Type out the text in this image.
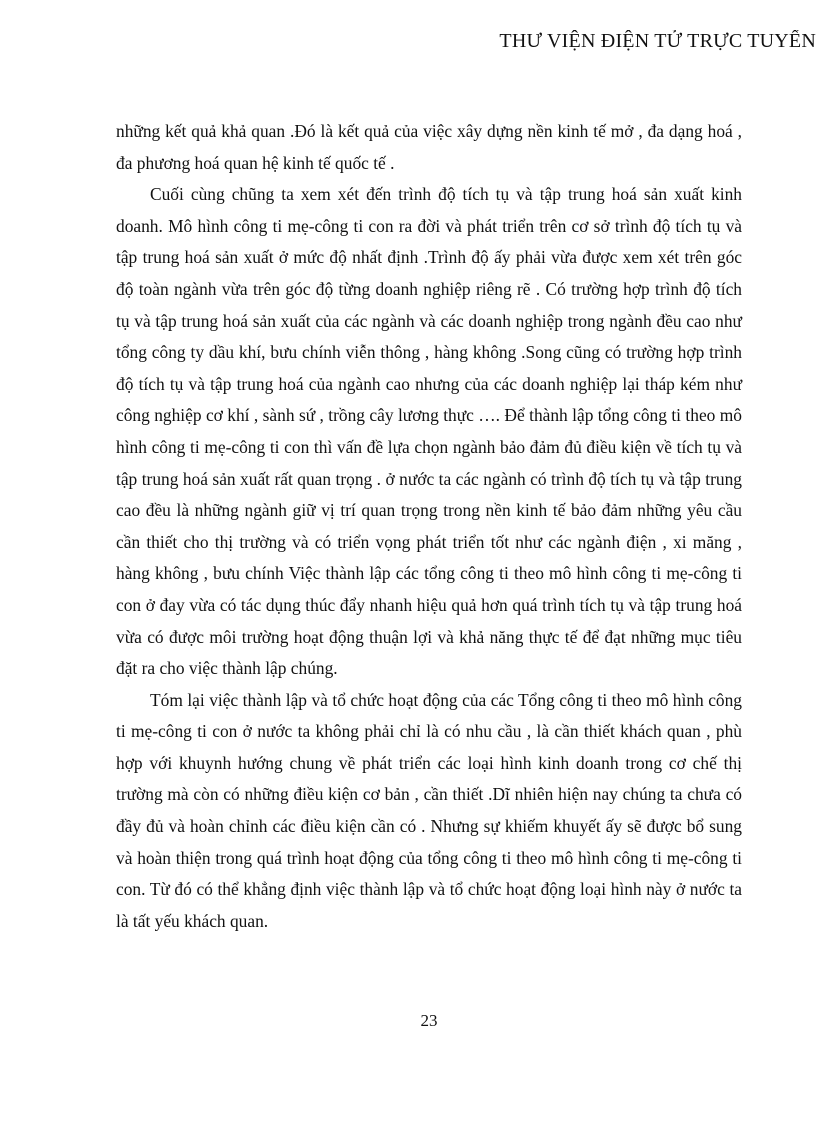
THƯ VIỆN ĐIỆN TỬ TRỰC TUYẾN

những kết quả khả quan .Đó là kết quả của việc xây dựng nền kinh tế mở , đa dạng hoá , đa phương hoá quan hệ kinh tế quốc tế .

Cuối cùng chũng ta xem xét đến trình độ tích tụ và tập trung hoá sản xuất kinh doanh. Mô hình công ti mẹ-công ti con ra đời và phát triển trên cơ sở trình độ tích tụ và tập trung hoá sản xuất ở mức độ nhất định .Trình độ ấy phải vừa được xem xét trên góc độ toàn ngành vừa trên góc độ từng doanh nghiệp riêng rẽ . Có trường hợp trình độ tích tụ và tập trung hoá sản xuất của các ngành và các doanh nghiệp trong ngành đều cao như tổng công ty dầu khí, bưu chính viễn thông , hàng không .Song cũng có trường hợp trình độ tích tụ và tập trung hoá của ngành cao nhưng của các doanh nghiệp lại tháp kém như công nghiệp cơ khí , sành sứ , trồng cây lương thực …. Để thành lập tổng công ti theo mô hình công ti mẹ-công ti con thì vấn đề lựa chọn ngành bảo đảm đủ điều kiện về tích tụ và tập trung hoá sản xuất rất quan trọng . ở nước ta các ngành có trình độ tích tụ và tập trung cao đều là những ngành giữ vị trí quan trọng trong nền kinh tế bảo đảm những yêu cầu cần thiết cho thị trường và có triển vọng phát triển tốt như các ngành điện , xi măng , hàng không , bưu chính Việc thành lập các tổng công ti theo mô hình công ti mẹ-công ti con ở đay vừa có tác dụng thúc đẩy nhanh hiệu quả hơn quá trình tích tụ và tập trung hoá vừa có được môi trường hoạt động thuận lợi và khả năng thực tế để đạt những mục tiêu đặt ra cho việc thành lập chúng.

Tóm lại việc thành lập và tổ chức hoạt động của các Tổng công ti theo mô hình công ti mẹ-công ti con ở nước ta không phải chỉ là có nhu cầu , là cần thiết khách quan , phù hợp với khuynh hướng chung về phát triển các loại hình kinh doanh trong cơ chế thị trường mà còn có những điều kiện cơ bản , cần thiết .Dĩ nhiên hiện nay chúng ta chưa có đầy đủ và hoàn chỉnh các điều kiện cần có . Nhưng sự khiếm khuyết ấy sẽ được bổ sung và hoàn thiện trong quá trình hoạt động của tổng công ti theo mô hình công ti mẹ-công ti con. Từ đó có thể khẳng định việc thành lập và tổ chức hoạt động loại hình này ở nước ta là tất yếu khách quan.

23
